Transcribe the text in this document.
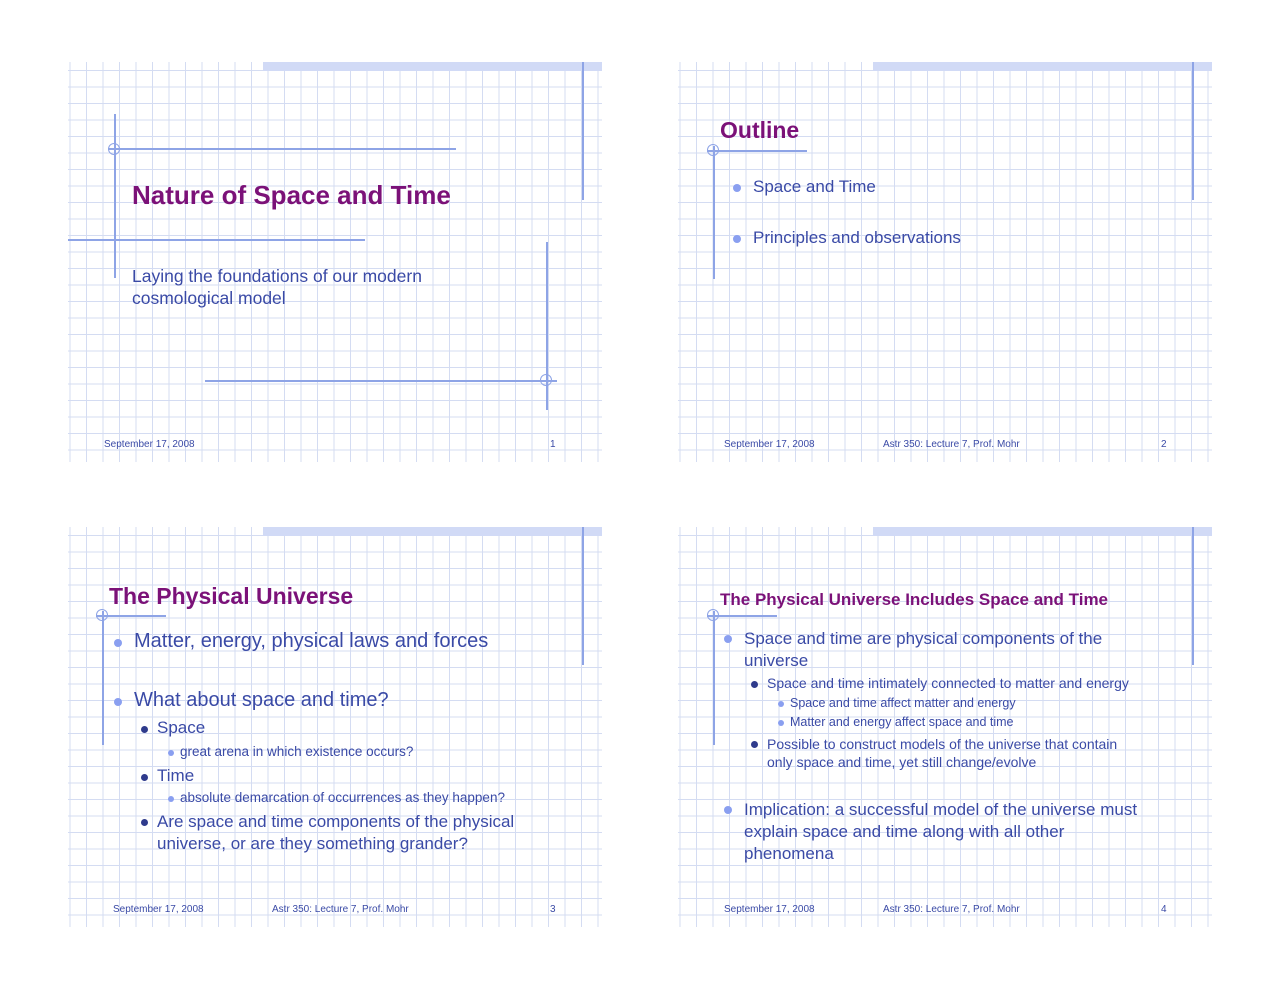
Nature of Space and Time
Laying the foundations of our modern
cosmological model
September 17, 2008	1
Outline
Space and Time
Principles and observations
September 17, 2008	Astr 350: Lecture 7, Prof. Mohr	2
The Physical Universe
Matter, energy, physical laws and forces
What about space and time?
Space
great arena in which existence occurs?
Time
absolute demarcation of occurrences as they happen?
Are space and time components of the physical
universe, or are they something grander?
September 17, 2008	Astr 350: Lecture 7, Prof. Mohr	3
The Physical Universe Includes Space and Time
Space and time are physical components of the
universe
Space and time intimately connected to matter and energy
Space and time affect matter and energy
Matter and energy affect space and time
Possible to construct models of the universe that contain
only space and time, yet still change/evolve
Implication: a successful model of the universe must
explain space and time along with all other
phenomena
September 17, 2008	Astr 350: Lecture 7, Prof. Mohr	4
